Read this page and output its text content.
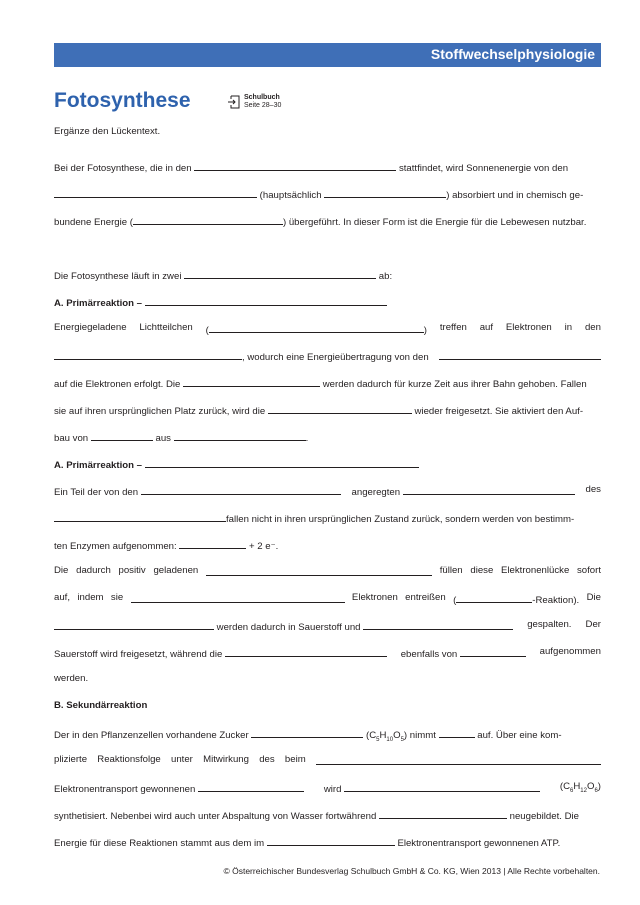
Stoffwechselphysiologie
Fotosynthese	Schulbuch
Seite 28–30
Ergänze den Lückentext.
Bei der Fotosynthese, die in den	stattfindet, wird Sonnenenergie von den
(hauptsächlich	) absorbiert und in chemisch ge-
bundene Energie (	) übergeführt. In dieser Form ist die Energie für die Lebewesen nutzbar.
Die Fotosynthese läuft in zwei	ab:
A. Primärreaktion –
Energiegeladene Lichtteilchen (	) treffen auf Elektronen in den
, wodurch eine Energieübertragung von den
auf die Elektronen erfolgt. Die	werden dadurch für kurze Zeit aus ihrer Bahn gehoben. Fallen
sie auf ihren ursprünglichen Platz zurück, wird die	wieder freigesetzt. Sie aktiviert den Auf-
bau von	aus	.
A. Primärreaktion –
Ein Teil der von den	angeregten	des
fallen nicht in ihren ursprünglichen Zustand zurück, sondern werden von bestimm-
ten Enzymen aufgenommen:	+ 2 e⁻.
Die dadurch positiv geladenen	füllen diese Elektronenlücke sofort
auf, indem sie	Elektronen entreißen (	-Reaktion). Die
werden dadurch in Sauerstoff und	gespalten. Der
Sauerstoff wird freigesetzt, während die	ebenfalls von	aufgenommen
werden.
B. Sekundärreaktion
Der in den Pflanzenzellen vorhandene Zucker	$(C_5H_{10}O_5)$ nimmt	auf. Über eine kom-
plizierte Reaktionsfolge unter Mitwirkung des beim
Elektronentransport gewonnenen	wird	$(C_6H_{12}O_6)$
synthetisiert. Nebenbei wird auch unter Abspaltung von Wasser fortwährend	neugebildet. Die
Energie für diese Reaktionen stammt aus dem im	Elektronentransport gewonnenen ATP.
© Österreichischer Bundesverlag Schulbuch GmbH & Co. KG, Wien 2013 | Alle Rechte vorbehalten.
